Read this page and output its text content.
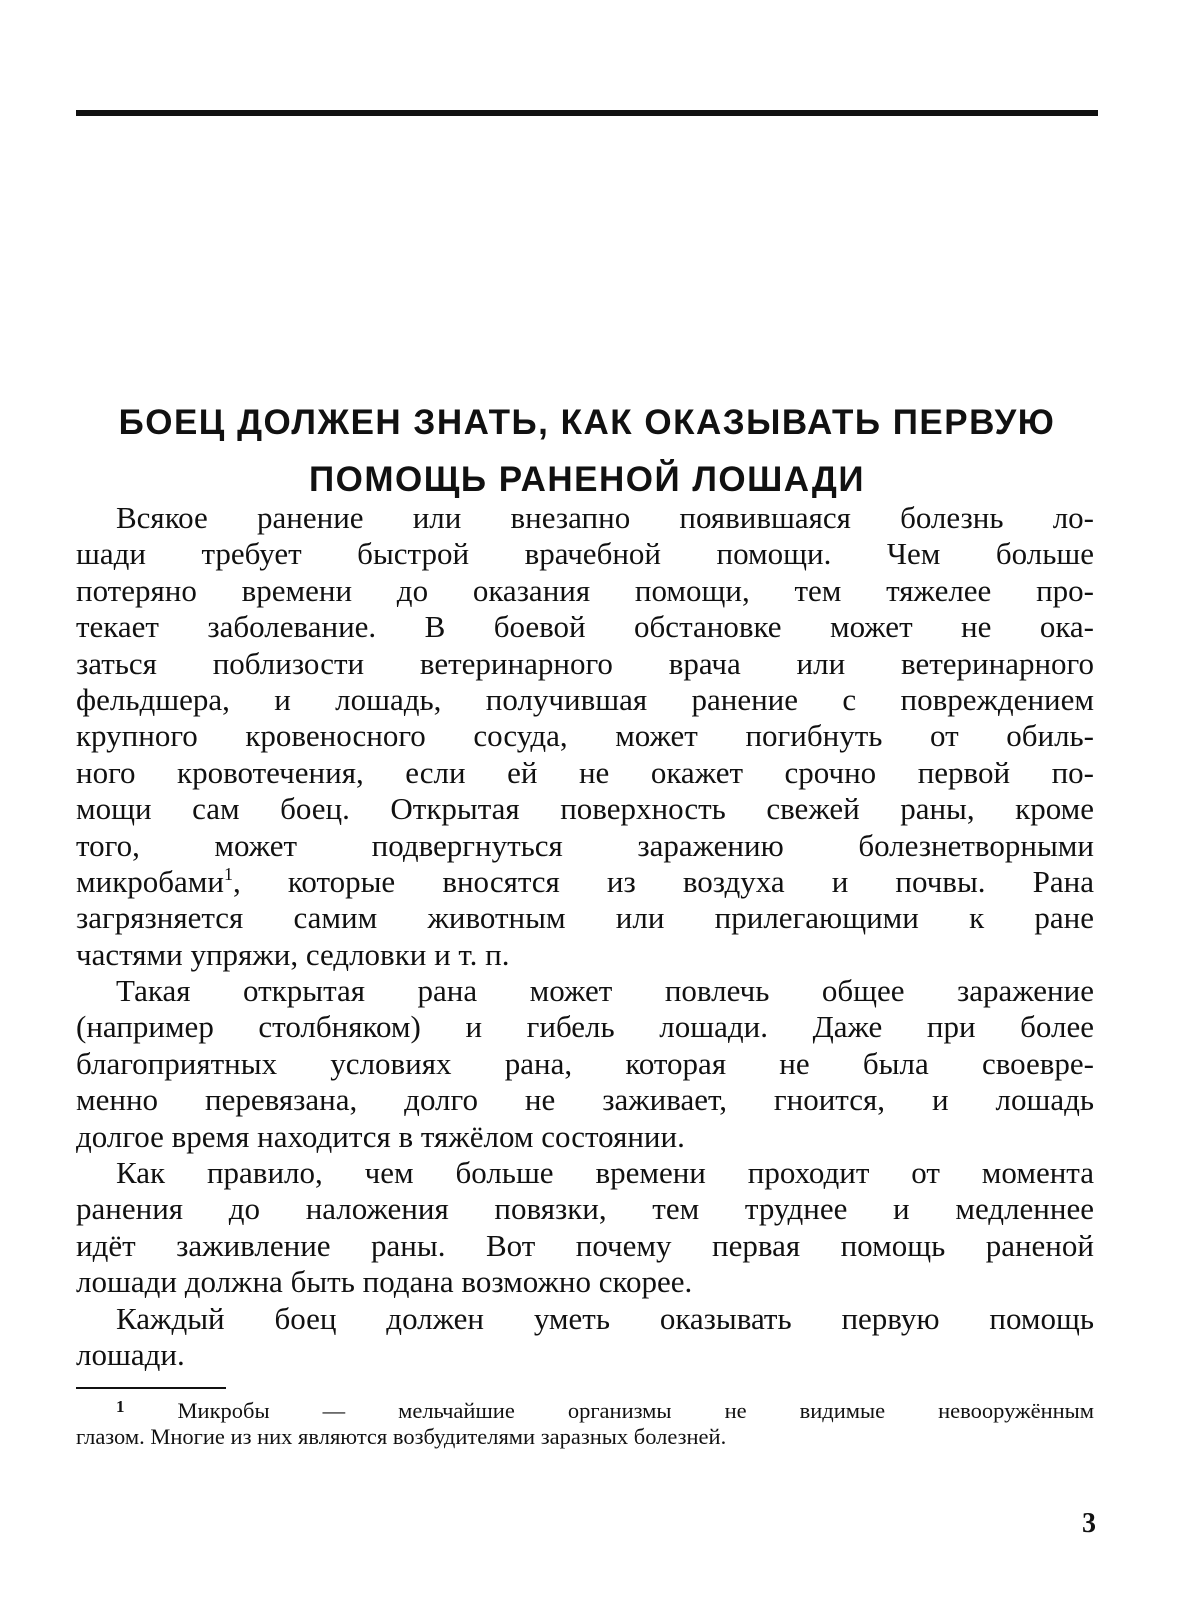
БОЕЦ ДОЛЖЕН ЗНАТЬ, КАК ОКАЗЫВАТЬ ПЕРВУЮ
ПОМОЩЬ РАНЕНОЙ ЛОШАДИ
Всякое ранение или внезапно появившаяся болезнь ло-
шади требует быстрой врачебной помощи. Чем больше
потеряно времени до оказания помощи, тем тяжелее про-
текает заболевание. В боевой обстановке может не ока-
заться поблизости ветеринарного врача или ветеринарного
фельдшера, и лошадь, получившая ранение с повреждением
крупного кровеносного сосуда, может погибнуть от обиль-
ного кровотечения, если ей не окажет срочно первой по-
мощи сам боец. Открытая поверхность свежей раны, кроме
того, может подвергнуться заражению болезнетворными
микробами$^1$, которые вносятся из воздуха и почвы. Рана
загрязняется самим животным или прилегающими к ране
частями упряжи, седловки и т. п.
Такая открытая рана может повлечь общее заражение
(например столбняком) и гибель лошади. Даже при более
благоприятных условиях рана, которая не была своевре-
менно перевязана, долго не заживает, гноится, и лошадь
долгое время находится в тяжёлом состоянии.
Как правило, чем больше времени проходит от момента
ранения до наложения повязки, тем труднее и медленнее
идёт заживление раны. Вот почему первая помощь раненой
лошади должна быть подана возможно скорее.
Каждый боец должен уметь оказывать первую помощь
лошади.
$^1$ Микробы — мельчайшие организмы не видимые невооружённым
глазом. Многие из них являются возбудителями заразных болезней.
3
